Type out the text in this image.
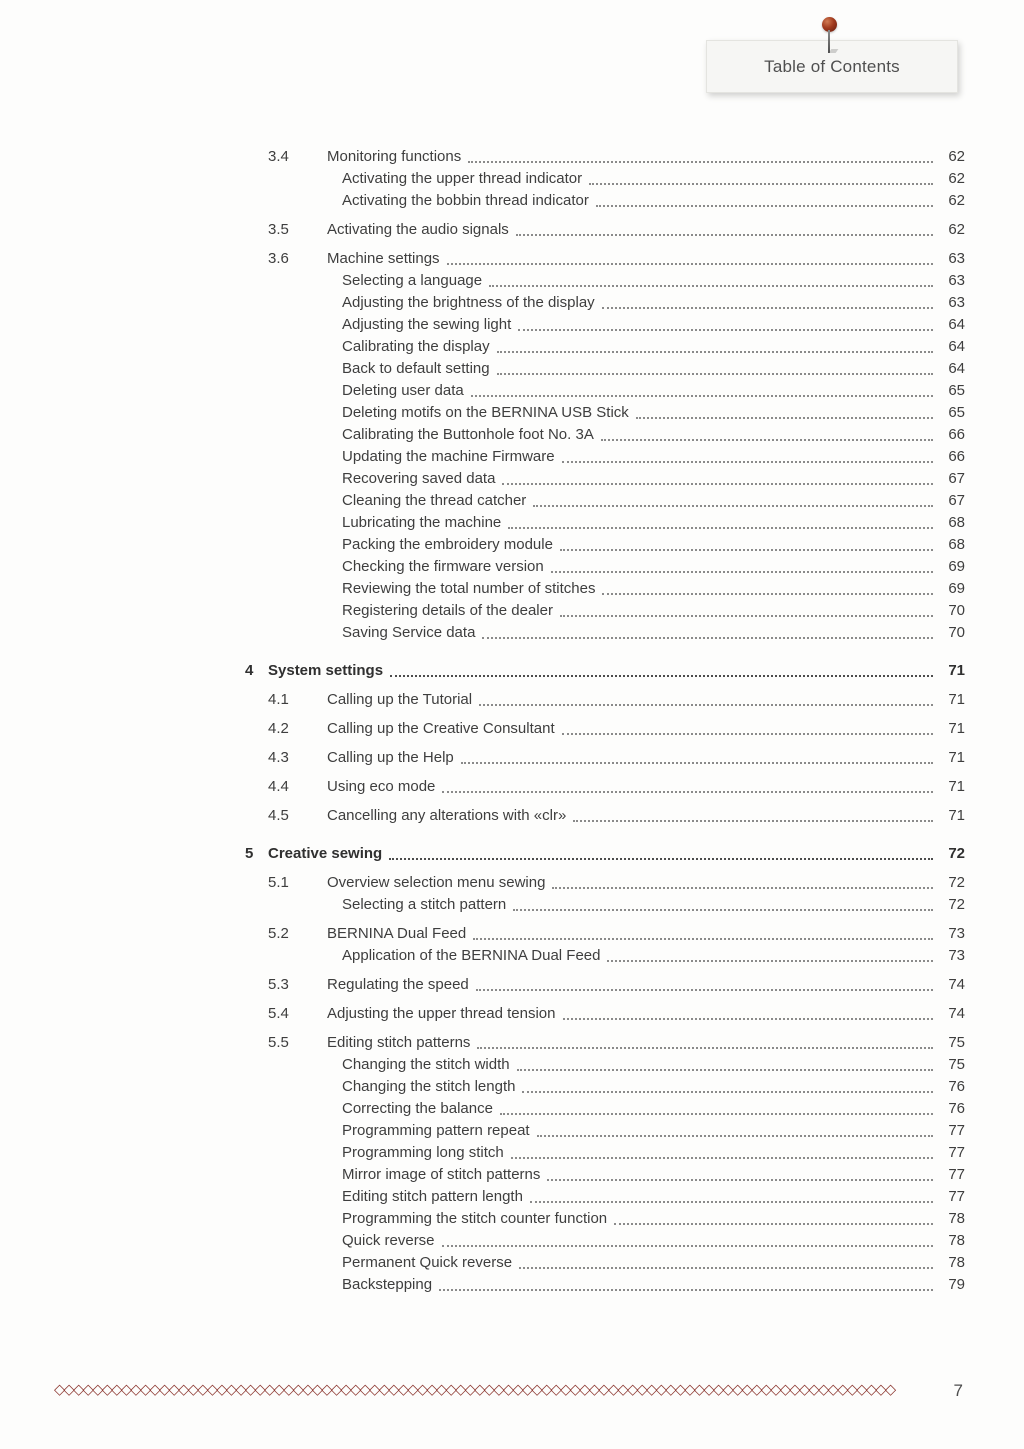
Table of Contents
3.4	Monitoring functions	62
Activating the upper thread indicator	62
Activating the bobbin thread indicator	62
3.5	Activating the audio signals	62
3.6	Machine settings	63
Selecting a language	63
Adjusting the brightness of the display	63
Adjusting the sewing light	64
Calibrating the display	64
Back to default setting	64
Deleting user data	65
Deleting motifs on the BERNINA USB Stick	65
Calibrating the Buttonhole foot No. 3A	66
Updating the machine Firmware	66
Recovering saved data	67
Cleaning the thread catcher	67
Lubricating the machine	68
Packing the embroidery module	68
Checking the firmware version	69
Reviewing the total number of stitches	69
Registering details of the dealer	70
Saving Service data	70
4 System settings	71
4.1	Calling up the Tutorial	71
4.2	Calling up the Creative Consultant	71
4.3	Calling up the Help	71
4.4	Using eco mode	71
4.5	Cancelling any alterations with «clr»	71
5 Creative sewing	72
5.1	Overview selection menu sewing	72
Selecting a stitch pattern	72
5.2	BERNINA Dual Feed	73
Application of the BERNINA Dual Feed	73
5.3	Regulating the speed	74
5.4	Adjusting the upper thread tension	74
5.5	Editing stitch patterns	75
Changing the stitch width	75
Changing the stitch length	76
Correcting the balance	76
Programming pattern repeat	77
Programming long stitch	77
Mirror image of stitch patterns	77
Editing stitch pattern length	77
Programming the stitch counter function	78
Quick reverse	78
Permanent Quick reverse	78
Backstepping	79
◇◇◇◇◇◇◇◇◇◇◇◇◇◇◇◇◇◇◇◇◇◇◇◇◇◇◇◇◇◇◇◇◇◇◇◇◇◇◇◇◇◇◇◇◇◇◇◇◇◇◇◇◇◇◇◇◇◇◇◇◇◇◇◇◇◇◇◇◇◇◇◇◇◇◇◇◇◇◇◇◇◇◇◇◇◇◇◇	7
